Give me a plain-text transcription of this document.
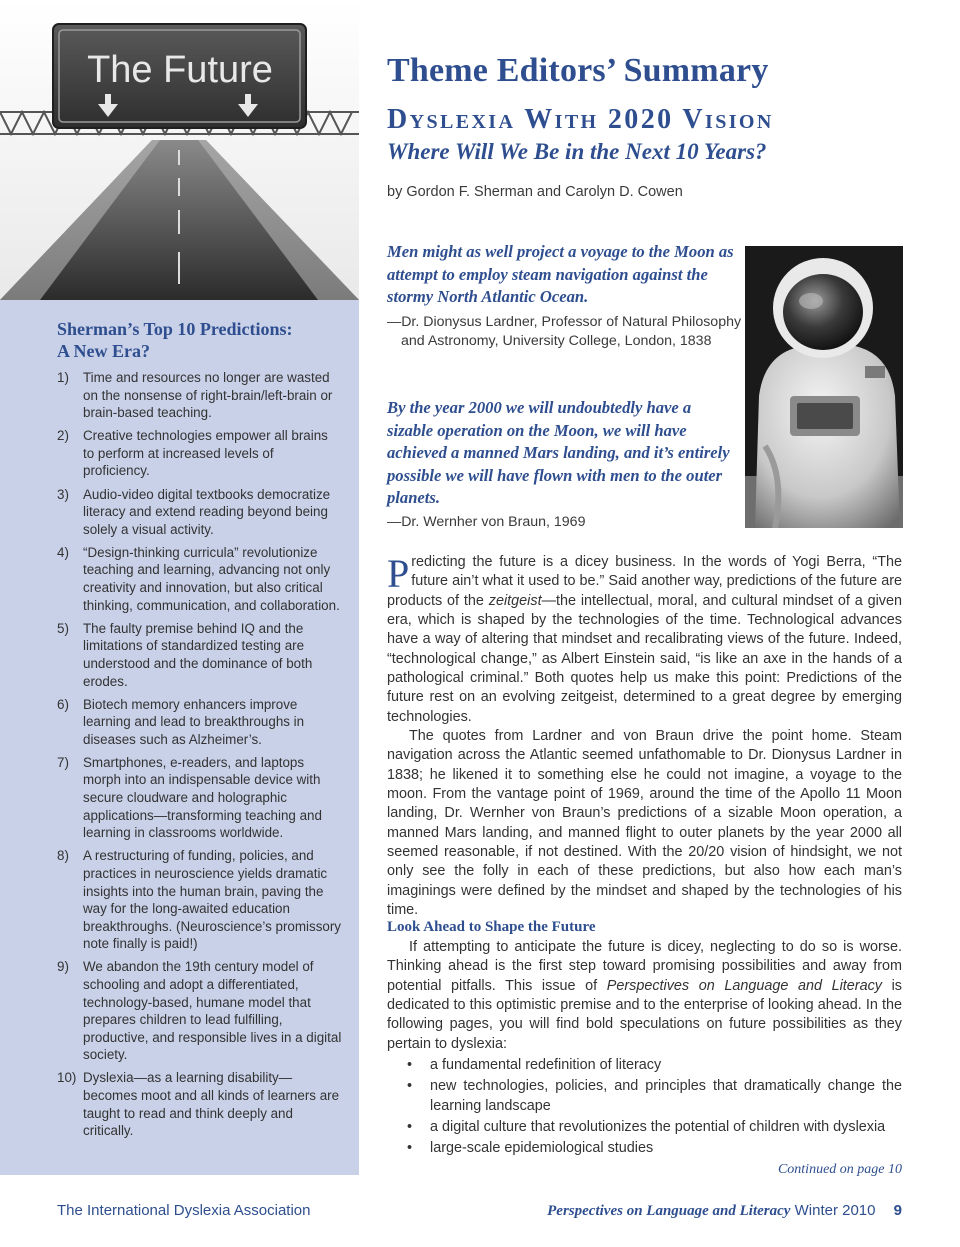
The Future
Sherman’s Top 10 Predictions:
A New Era?
1) Time and resources no longer are wasted on the nonsense of right-brain/left-brain or brain-based teaching.
2) Creative technologies empower all brains to perform at increased levels of proficiency.
3) Audio-video digital textbooks democratize literacy and extend reading beyond being solely a visual activity.
4) “Design-thinking curricula” revolutionize teaching and learning, advancing not only creativity and innovation, but also critical thinking, communication, and collaboration.
5) The faulty premise behind IQ and the limitations of standardized testing are understood and the dominance of both erodes.
6) Biotech memory enhancers improve learning and lead to breakthroughs in diseases such as Alzheimer’s.
7) Smartphones, e-readers, and laptops morph into an indispensable device with secure cloudware and holographic applications—transforming teaching and learning in classrooms worldwide.
8) A restructuring of funding, policies, and practices in neuroscience yields dramatic insights into the human brain, paving the way for the long-awaited education breakthroughs. (Neuroscience’s promissory note finally is paid!)
9) We abandon the 19th century model of schooling and adopt a differentiated, technology-based, humane model that prepares children to lead fulfilling, productive, and responsible lives in a digital society.
10) Dyslexia—as a learning disability—becomes moot and all kinds of learners are taught to read and think deeply and critically.
Theme Editors’ Summary
Dyslexia With 2020 Vision
Where Will We Be in the Next 10 Years?
by Gordon F. Sherman and Carolyn D. Cowen

Men might as well project a voyage to the Moon as attempt to employ steam navigation against the stormy North Atlantic Ocean.

—Dr. Dionysus Lardner, Professor of Natural Philosophy and Astronomy, University College, London, 1838

By the year 2000 we will undoubtedly have a sizable operation on the Moon, we will have achieved a manned Mars landing, and it’s entirely possible we will have flown with men to the outer planets.

—Dr. Wernher von Braun, 1969

Predicting the future is a dicey business. In the words of Yogi Berra, “The future ain’t what it used to be.” Said another way, predictions of the future are products of the zeitgeist—the intellectual, moral, and cultural mindset of a given era, which is shaped by the technologies of the time. Technological advances have a way of altering that mindset and recalibrating views of the future. Indeed, “technological change,” as Albert Einstein said, “is like an axe in the hands of a pathological criminal.” Both quotes help us make this point: Predictions of the future rest on an evolving zeitgeist, determined to a great degree by emerging technologies.

The quotes from Lardner and von Braun drive the point home. Steam navigation across the Atlantic seemed unfathomable to Dr. Dionysus Lardner in 1838; he likened it to something else he could not imagine, a voyage to the moon. From the vantage point of 1969, around the time of the Apollo 11 Moon landing, Dr. Wernher von Braun’s predictions of a sizable Moon operation, a manned Mars landing, and manned flight to outer planets by the year 2000 all seemed reasonable, if not destined. With the 20/20 vision of hindsight, we not only see the folly in each of these predictions, but also how each man’s imaginings were defined by the mindset and shaped by the technologies of his time.

Look Ahead to Shape the Future

If attempting to anticipate the future is dicey, neglecting to do so is worse. Thinking ahead is the first step toward promising possibilities and away from potential pitfalls. This issue of Perspectives on Language and Literacy is dedicated to this optimistic premise and to the enterprise of looking ahead. In the following pages, you will find bold speculations on future possibilities as they pertain to dyslexia:

• a fundamental redefinition of literacy
• new technologies, policies, and principles that dramatically change the learning landscape
• a digital culture that revolutionizes the potential of children with dyslexia
• large-scale epidemiological studies
Continued on page 10
The International Dyslexia Association	Perspectives on Language and Literacy Winter 2010 9
